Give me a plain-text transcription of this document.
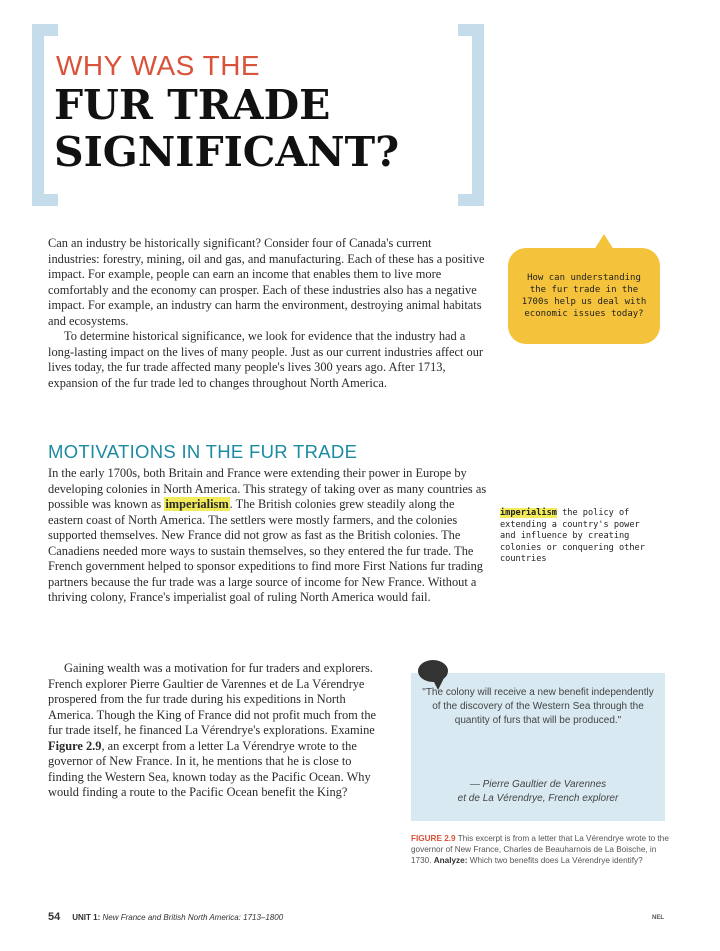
WHY WAS THE
FUR TRADE
SIGNIFICANT?

Can an industry be historically significant? Consider four of Canada's current industries: forestry, mining, oil and gas, and manufacturing. Each of these has a positive impact. For example, people can earn an income that enables them to live more comfortably and the economy can prosper. Each of these industries also has a negative impact. For example, an industry can harm the environment, destroying animal habitats and ecosystems.

To determine historical significance, we look for evidence that the industry had a long-lasting impact on the lives of many people. Just as our current industries affect our lives today, the fur trade affected many people's lives 300 years ago. After 1713, expansion of the fur trade led to changes throughout North America.

How can understanding the fur trade in the 1700s help us deal with economic issues today?
MOTIVATIONS IN THE FUR TRADE

In the early 1700s, both Britain and France were extending their power in Europe by developing colonies in North America. This strategy of taking over as many countries as possible was known as imperialism. The British colonies grew steadily along the eastern coast of North America. The settlers were mostly farmers, and the colonies supported themselves. New France did not grow as fast as the British colonies. The Canadiens needed more ways to sustain themselves, so they entered the fur trade. The French government helped to sponsor expeditions to find more First Nations fur trading partners because the fur trade was a large source of income for New France. Without a thriving colony, France's imperialist goal of ruling North America would fail.

Gaining wealth was a motivation for fur traders and explorers. French explorer Pierre Gaultier de Varennes et de La Vérendrye prospered from the fur trade during his expeditions in North America. Though the King of France did not profit much from the fur trade itself, he financed La Vérendrye's explorations. Examine Figure 2.9, an excerpt from a letter La Vérendrye wrote to the governor of New France. In it, he mentions that he is close to finding the Western Sea, known today as the Pacific Ocean. Why would finding a route to the Pacific Ocean benefit the King?

imperialism the policy of extending a country's power and influence by creating colonies or conquering other countries
"The colony will receive a new benefit independently of the discovery of the Western Sea through the quantity of furs that will be produced."
— Pierre Gaultier de Varennes
et de La Vérendrye, French explorer
FIGURE 2.9 This excerpt is from a letter that La Vérendrye wrote to the governor of New France, Charles de Beauharnois de La Boische, in 1730. Analyze: Which two benefits does La Vérendrye identify?
54 UNIT 1: New France and British North America: 1713–1800	NEL
